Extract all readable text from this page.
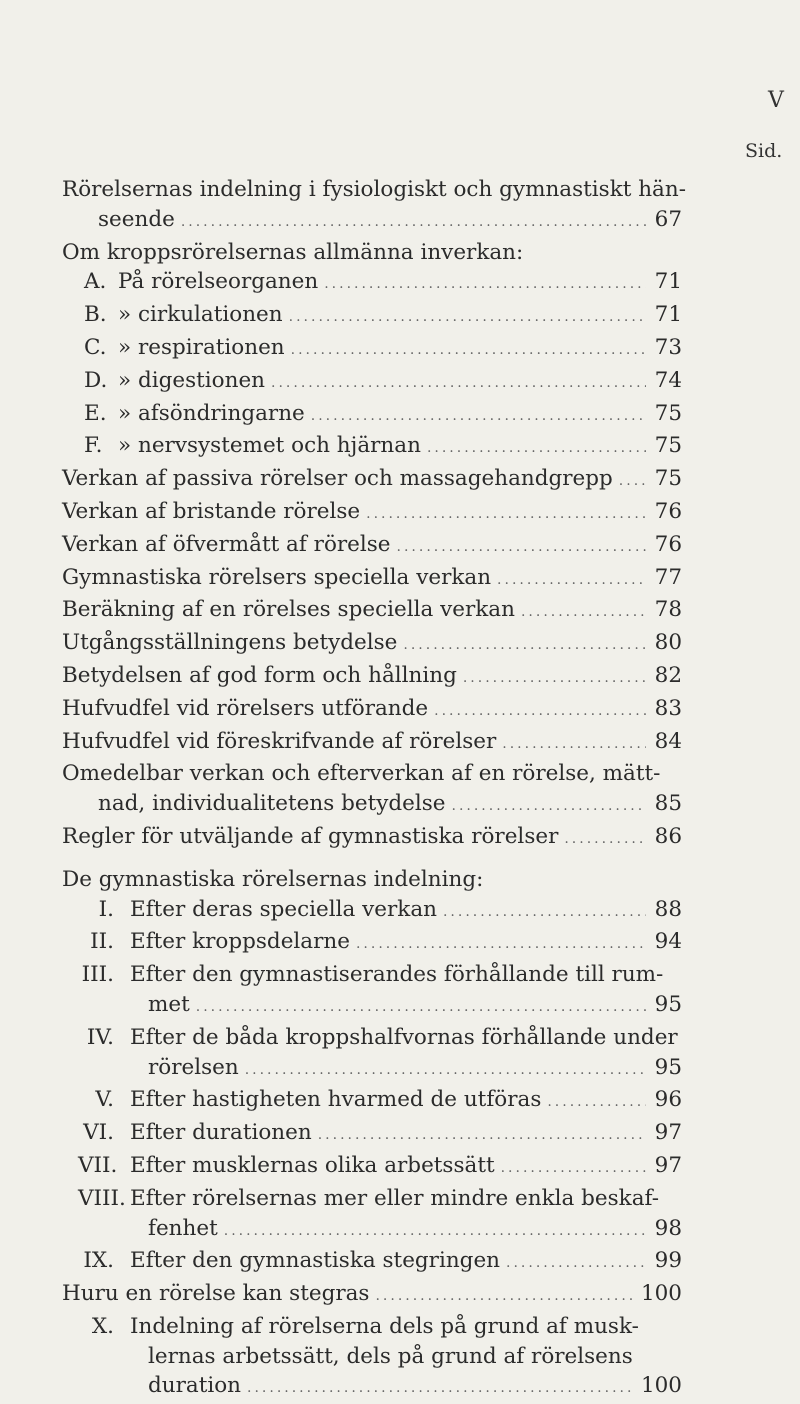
V
Sid.
Rörelsernas indelning i fysiologiskt och gymnastiskt hän-
seende .....	67
Om kroppsrörelsernas allmänna inverkan:
A. På rörelseorganen .....	71
B. » cirkulationen .....	71
C. » respirationen .....	73
D. » digestionen .....	74
E. » afsöndringarne .....	75
F. » nervsystemet och hjärnan .....	75
Verkan af passiva rörelser och massagehandgrepp ..... 75
Verkan af bristande rörelse .....	76
Verkan af öfvermått af rörelse .....	76
Gymnastiska rörelsers speciella verkan .....	77
Beräkning af en rörelses speciella verkan .....	78
Utgångsställningens betydelse .....	80
Betydelsen af god form och hållning .....	82
Hufvudfel vid rörelsers utförande .....	83
Hufvudfel vid föreskrifvande af rörelser .....	84
Omedelbar verkan och efterverkan af en rörelse, mätt-
nad, individualitetens betydelse .....	85
Regler för utväljande af gymnastiska rörelser .....	86
De gymnastiska rörelsernas indelning:
I. Efter deras speciella verkan .....	88
II. Efter kroppsdelarne .....	94
III. Efter den gymnastiserandes förhållande till rum-
met .....	95
IV. Efter de båda kroppshalfvornas förhållande under
rörelsen .....	95
V. Efter hastigheten hvarmed de utföras .....	96
VI. Efter durationen .....	97
VII. Efter musklernas olika arbetssätt .....	97
VIII. Efter rörelsernas mer eller mindre enkla beskaf-
fenhet .....	98
IX. Efter den gymnastiska stegringen .....	99
Huru en rörelse kan stegras .....	100
X. Indelning af rörelserna dels på grund af musk-
lernas arbetssätt, dels på grund af rörelsens
duration .....	100
